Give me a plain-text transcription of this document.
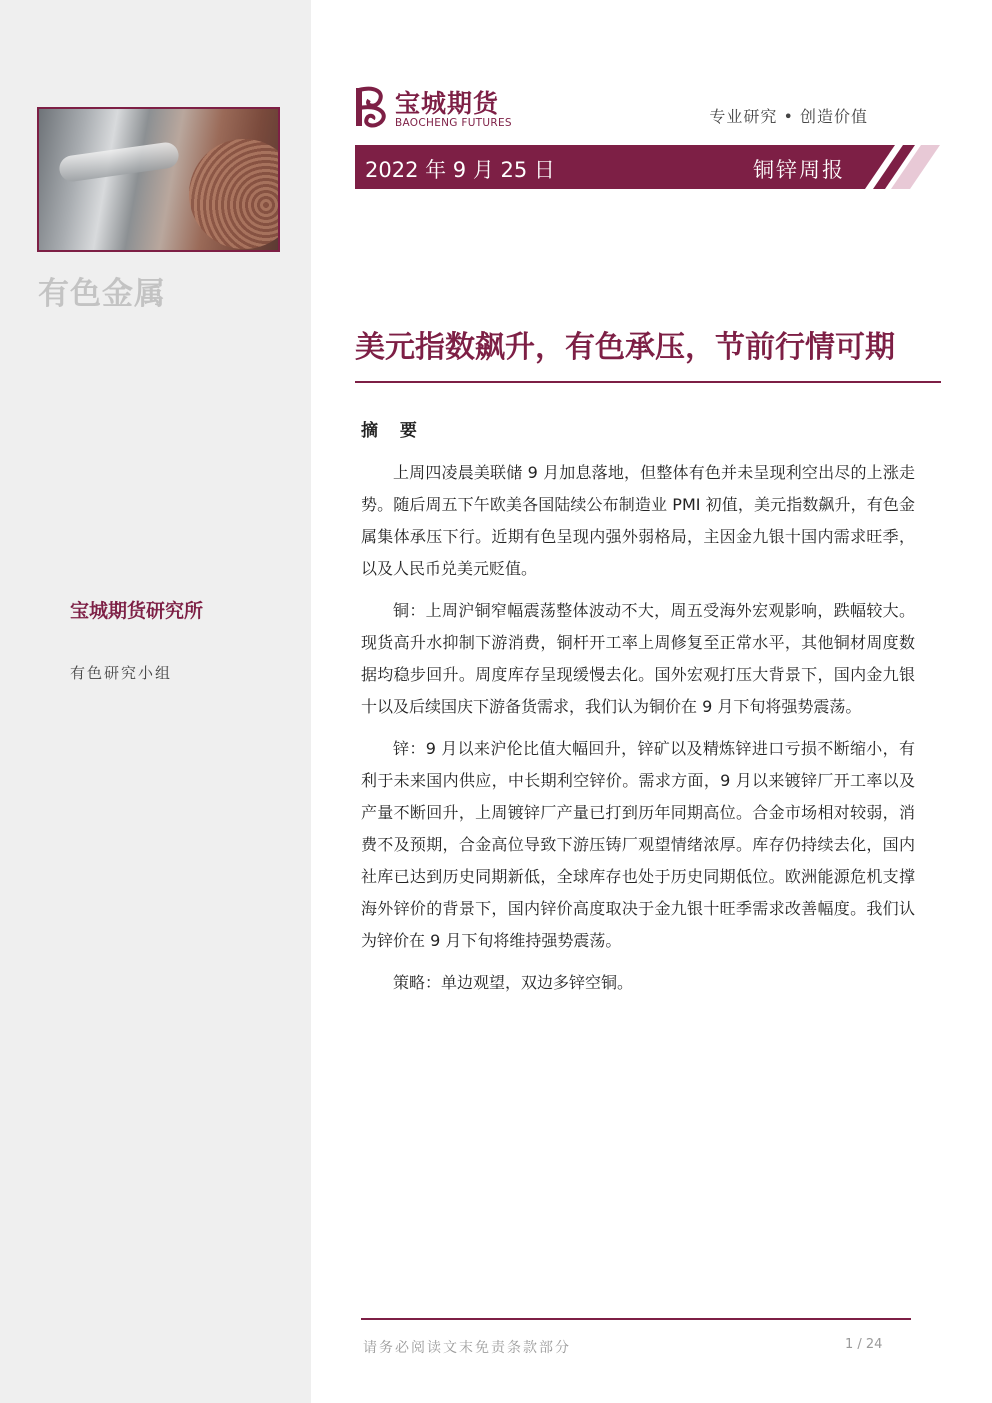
有色金属
宝城期货研究所
有色研究小组
宝城期货
BAOCHENG FUTURES	专业研究 • 创造价值
2022 年 9 月 25 日	铜锌周报
美元指数飙升，有色承压，节前行情可期
摘 要

上周四凌晨美联储 9 月加息落地，但整体有色并未呈现利空出尽的上涨走势。随后周五下午欧美各国陆续公布制造业 PMI 初值，美元指数飙升，有色金属集体承压下行。近期有色呈现内强外弱格局，主因金九银十国内需求旺季，以及人民币兑美元贬值。

铜：上周沪铜窄幅震荡整体波动不大，周五受海外宏观影响，跌幅较大。现货高升水抑制下游消费，铜杆开工率上周修复至正常水平，其他铜材周度数据均稳步回升。周度库存呈现缓慢去化。国外宏观打压大背景下，国内金九银十以及后续国庆下游备货需求，我们认为铜价在 9 月下旬将强势震荡。

锌：9 月以来沪伦比值大幅回升，锌矿以及精炼锌进口亏损不断缩小，有利于未来国内供应，中长期利空锌价。需求方面，9 月以来镀锌厂开工率以及产量不断回升，上周镀锌厂产量已打到历年同期高位。合金市场相对较弱，消费不及预期，合金高位导致下游压铸厂观望情绪浓厚。库存仍持续去化，国内社库已达到历史同期新低，全球库存也处于历史同期低位。欧洲能源危机支撑海外锌价的背景下，国内锌价高度取决于金九银十旺季需求改善幅度。我们认为锌价在 9 月下旬将维持强势震荡。

策略：单边观望，双边多锌空铜。

请务必阅读文末免责条款部分	1 / 24
